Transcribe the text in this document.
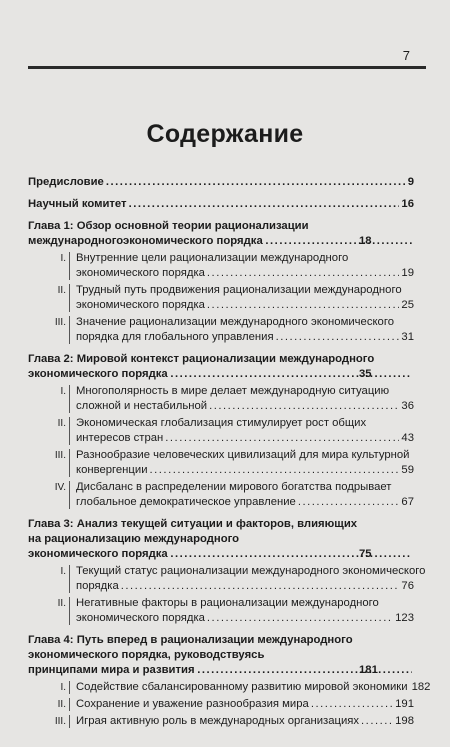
7
Содержание
Предисловие .....	9
Научный комитет .....	16
Глава 1: Обзор основной теории рационализации
международногоэкономического порядка .....	18
I. Внутренние цели рационализации международного
экономического порядка .....	19
II. Трудный путь продвижения рационализации международного
экономического порядка .....	25
III. Значение рационализации международного экономического
порядка для глобального управления .....	31
Глава 2: Мировой контекст рационализации международного
экономического порядка .....	35
I. Многополярность в мире делает международную ситуацию
сложной и нестабильной .....	36
II. Экономическая глобализация стимулирует рост общих
интересов стран .....	43
III. Разнообразие человеческих цивилизаций для мира культурной
конвергенции .....	59
IV. Дисбаланс в распределении мирового богатства подрывает
глобальное демократическое управление .....	67
Глава 3: Анализ текущей ситуации и факторов, влияющих
на рационализацию международного
экономического порядка .....	75
I. Текущий статус рационализации международного экономического
порядка .....	76
II. Негативные факторы в рационализации международного
экономического порядка .....	123
Глава 4: Путь вперед в рационализации международного
экономического порядка, руководствуясь
принципами мира и развития .....	181
I. Содействие сбалансированному развитию мировой экономики 182
II. Сохранение и уважение разнообразия мира .....	191
III. Играя активную роль в международных организациях .....	198
